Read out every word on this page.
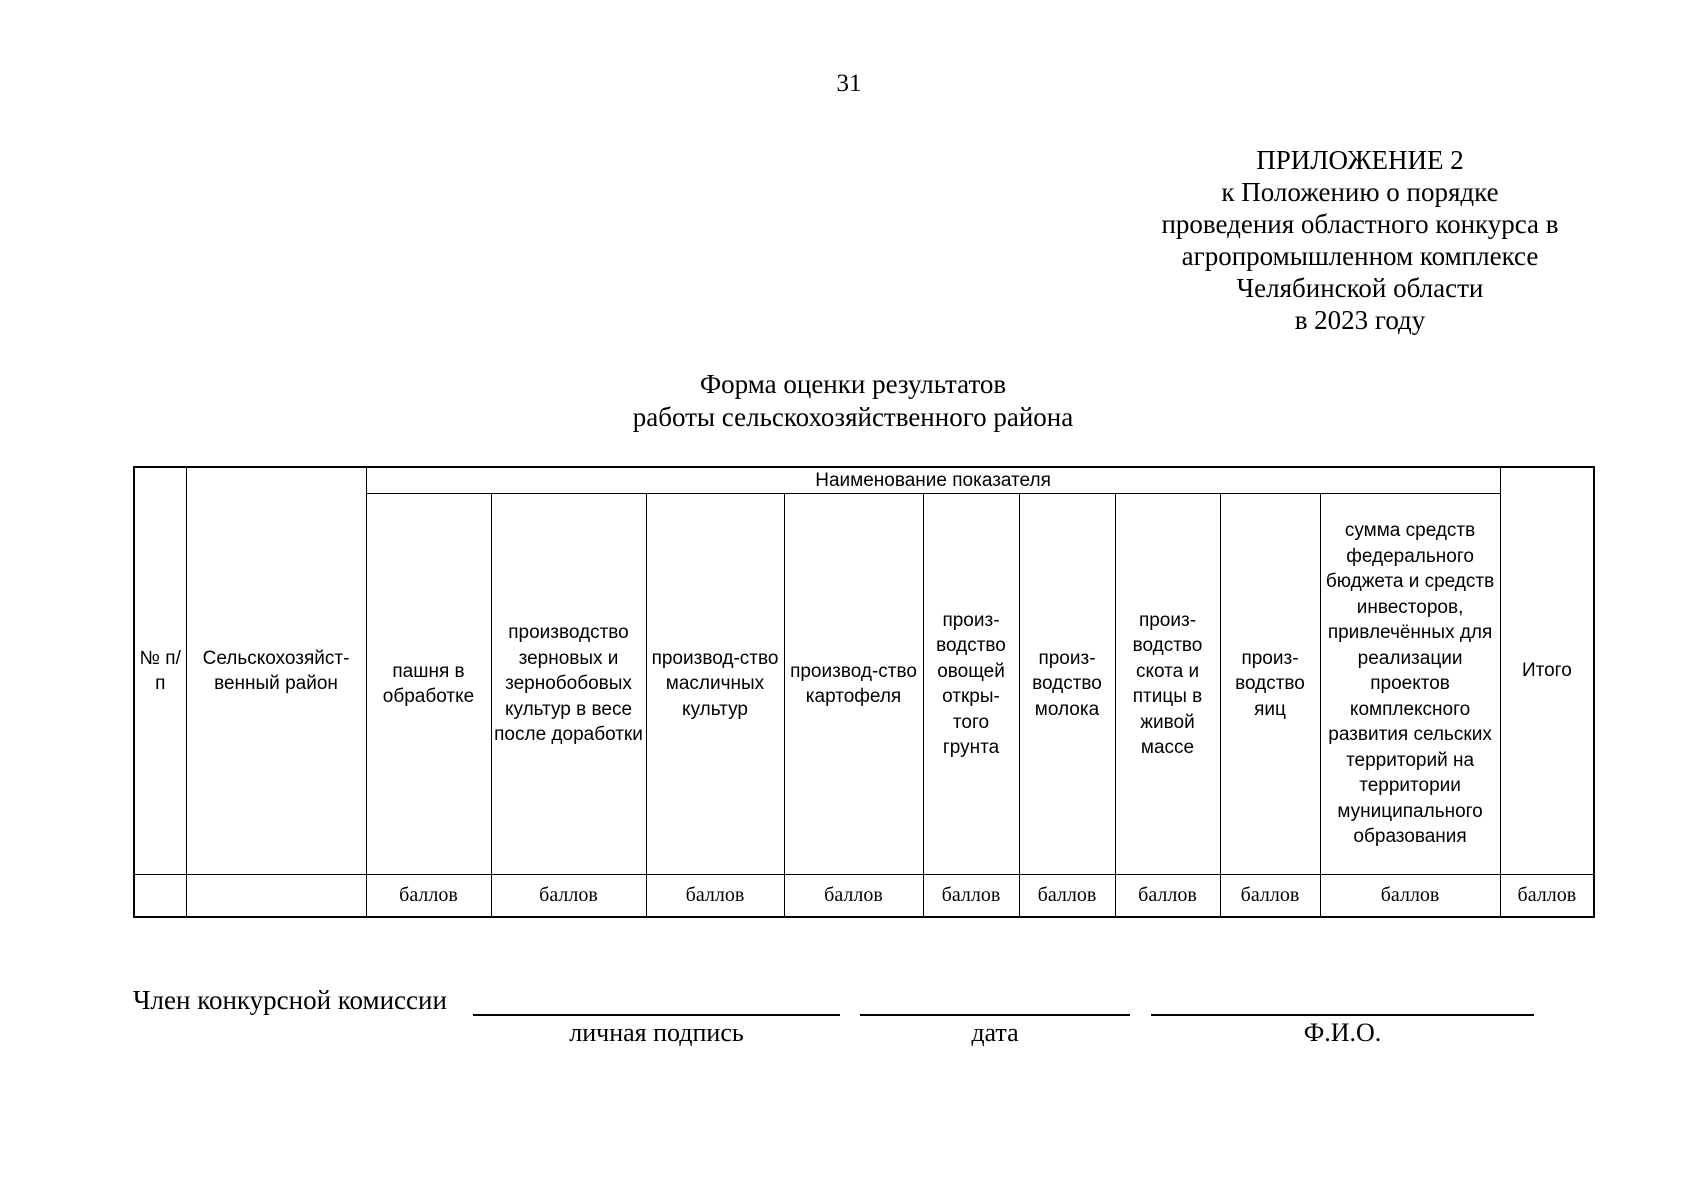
31
ПРИЛОЖЕНИЕ 2
к Положению о порядке
проведения областного конкурса в
агропромышленном комплексе
Челябинской области
в 2023 году
Форма оценки результатов
работы сельскохозяйственного района
№ п/п	Сельскохозяйст-венный район	Наименование показателя									Итого
		пашня в обработке	производство зерновых и зернобобовых культур в весе после доработки	производ-ство масличных культур	производ-ство картофеля	произ-водство овощей откры-того грунта	произ-водство молока	произ-водство скота и птицы в живой массе	произ-водство яиц	сумма средств федерального бюджета и средств инвесторов, привлечённых для реализации проектов комплексного развития сельских территорий на территории муниципального образования	
		баллов	баллов	баллов	баллов	баллов	баллов	баллов	баллов	баллов	баллов
Член конкурсной комиссии
личная подпись	дата	Ф.И.О.
